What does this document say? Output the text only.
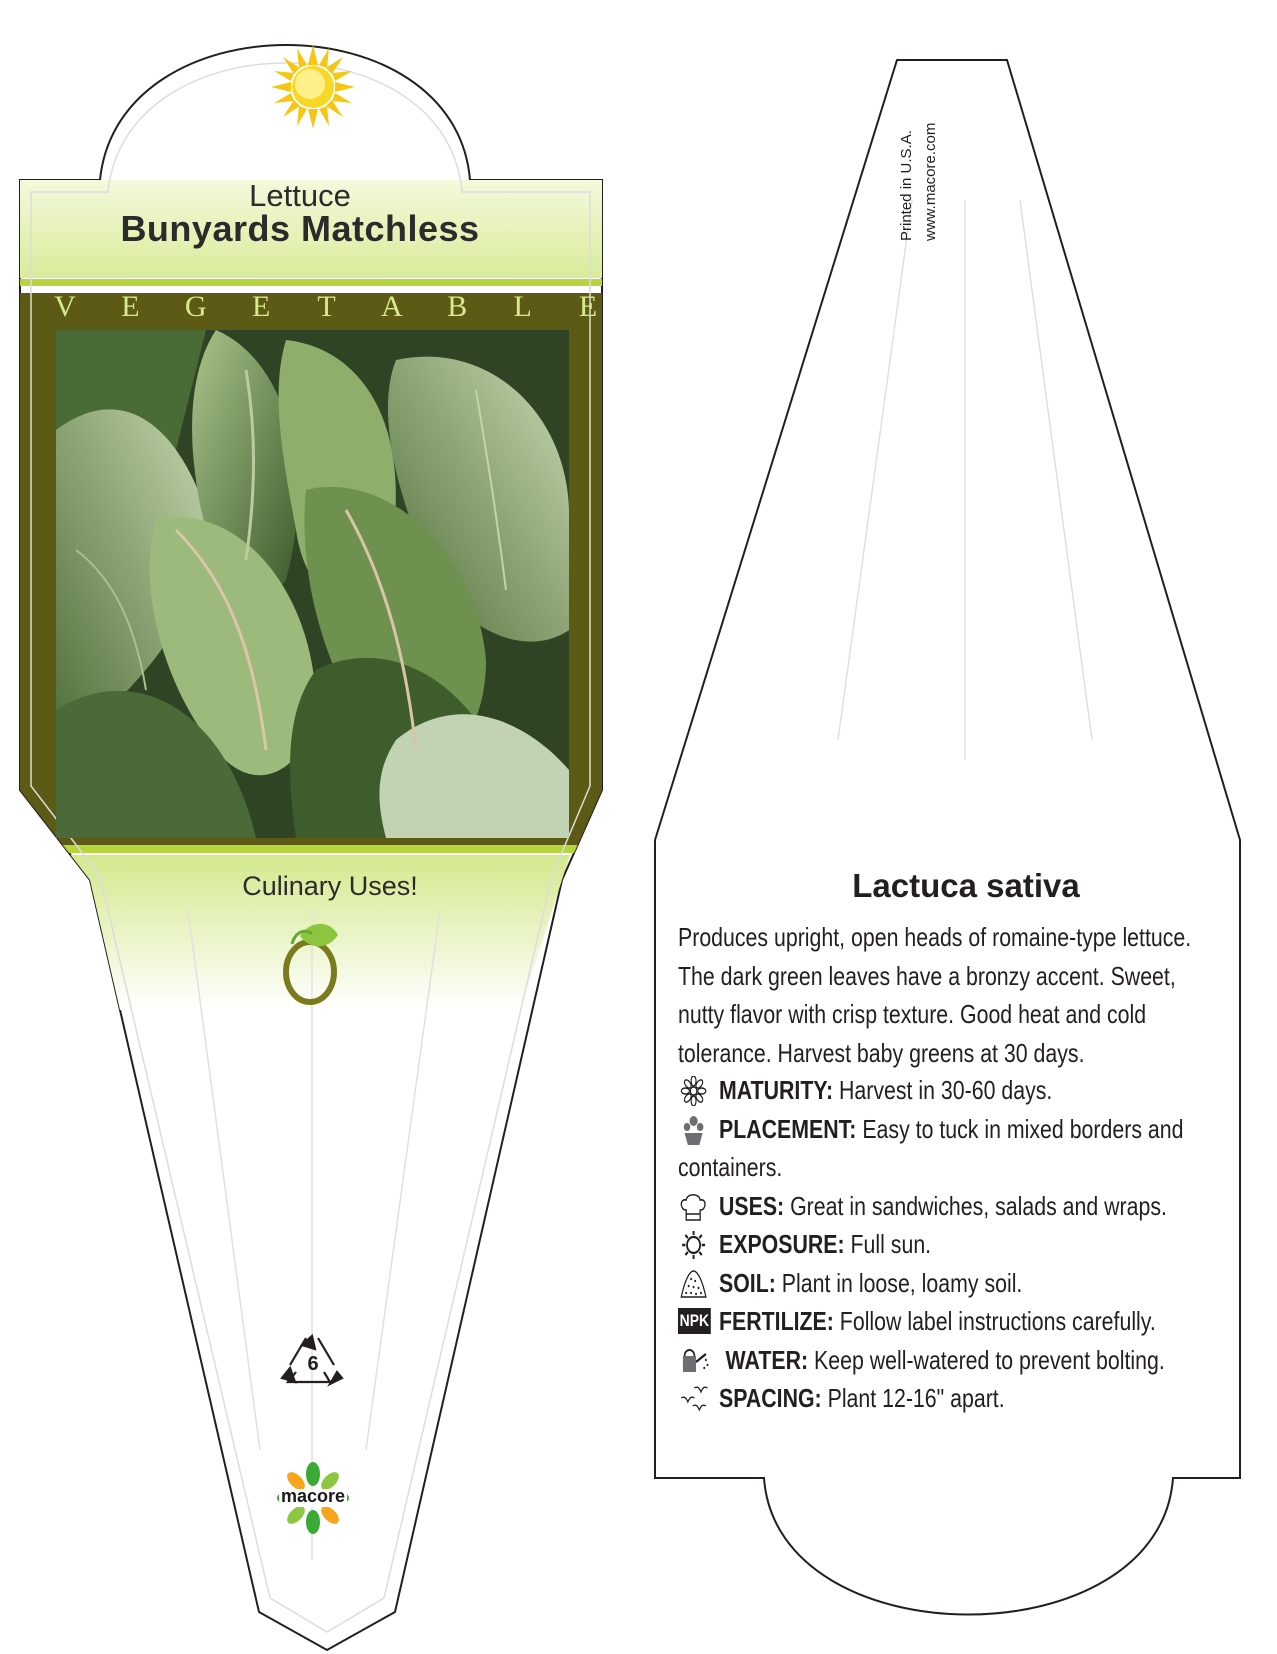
Lettuce
Bunyards Matchless
V E G E T A B L E
Culinary Uses!
6
macore
Printed in U.S.A. www.macore.com
Lactuca sativa
Produces upright, open heads of romaine-type lettuce.
The dark green leaves have a bronzy accent. Sweet,
nutty flavor with crisp texture. Good heat and cold
tolerance. Harvest baby greens at 30 days.
MATURITY: Harvest in 30-60 days.
PLACEMENT: Easy to tuck in mixed borders and
containers.
USES: Great in sandwiches, salads and wraps.
EXPOSURE: Full sun.
SOIL: Plant in loose, loamy soil.
NPK FERTILIZE: Follow label instructions carefully.
WATER: Keep well-watered to prevent bolting.
SPACING: Plant 12-16" apart.
